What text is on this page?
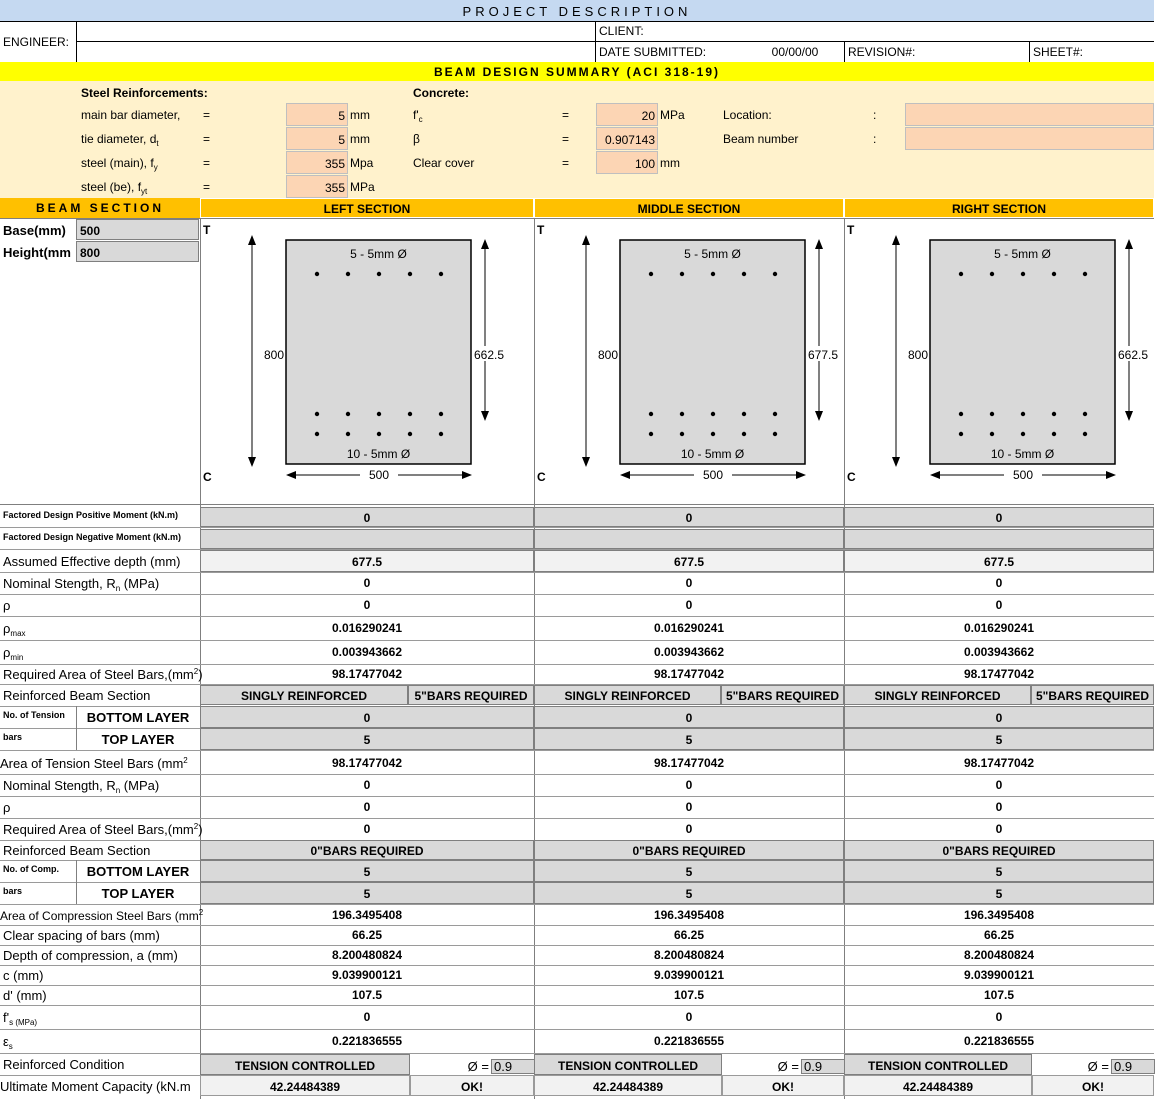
PROJECT DESCRIPTION
ENGINEER:
CLIENT:
DATE SUBMITTED:	00/00/00	REVISION#:	SHEET#:
BEAM DESIGN SUMMARY (ACI 318-19)
Steel Reinforcements:	Concrete:
main bar diameter,	=	5 mm
tie diameter, $d_t$	=	5 mm
steel (main), $f_y$	=	355 Mpa
steel (be), $f_{yt}$	=	355 MPa
$f'_c$	=	20 MPa
β	=	0.907143
Clear cover	=	100 mm
Location:	:
Beam number	:
BEAM SECTION	LEFT SECTION	MIDDLE SECTION	RIGHT SECTION
Base(mm)	500
Height(mm 800
T
C
5 - 5mm Ø
10 - 5mm Ø
800	662.5
500
T
C
5 - 5mm Ø
10 - 5mm Ø
800	677.5
500
T
C
5 - 5mm Ø
10 - 5mm Ø
800	662.5
500
Factored Design Positive Moment (kN.m)	0	0	0
Factored Design Negative Moment (kN.m)
Assumed Effective depth (mm)	677.5	677.5	677.5
Nominal Stength, $R_n$ (MPa)	0	0	0
ρ	0	0	0
$\rho_{max}$	0.016290241	0.016290241	0.016290241
$\rho_{min}$	0.003943662	0.003943662	0.003943662
Required Area of Steel $Bars,(mm^2)$	98.17477042	98.17477042	98.17477042
Reinforced Beam Section	SINGLY REINFORCED	5"BARS REQUIRED	SINGLY REINFORCED	5"BARS REQUIRED	SINGLY REINFORCED	5"BARS REQUIRED
No. of Tension	BOTTOM LAYER	0	0	0
bars	TOP LAYER	5	5	5
Area of Tension Steel Bars ($mm^2$	98.17477042	98.17477042	98.17477042
Nominal Stength, $R_n$ (MPa)	0	0	0
ρ	0	0	0
Required Area of Steel $Bars,(mm^2)$	0	0	0
Reinforced Beam Section	0"BARS REQUIRED	0"BARS REQUIRED	0"BARS REQUIRED
No. of Comp.	BOTTOM LAYER	5	5	5
bars	TOP LAYER	5	5	5
Area of Compression Steel Bars ($mm^2$	196.3495408	196.3495408	196.3495408
Clear spacing of bars (mm)	66.25	66.25	66.25
Depth of compression, a (mm)	8.200480824	8.200480824	8.200480824
c (mm)	9.039900121	9.039900121	9.039900121
d' (mm)	107.5	107.5	107.5
$f'_{s (MPa)}$	0	0	0
$\varepsilon_s$	0.221836555	0.221836555	0.221836555
Reinforced Condition	TENSION CONTROLLED	Ø = 0.9	TENSION CONTROLLED	Ø = 0.9	TENSION CONTROLLED	Ø = 0.9
Ultimate Moment Capacity (kN.m	42.24484389	OK!	42.24484389	OK!	42.24484389	OK!
